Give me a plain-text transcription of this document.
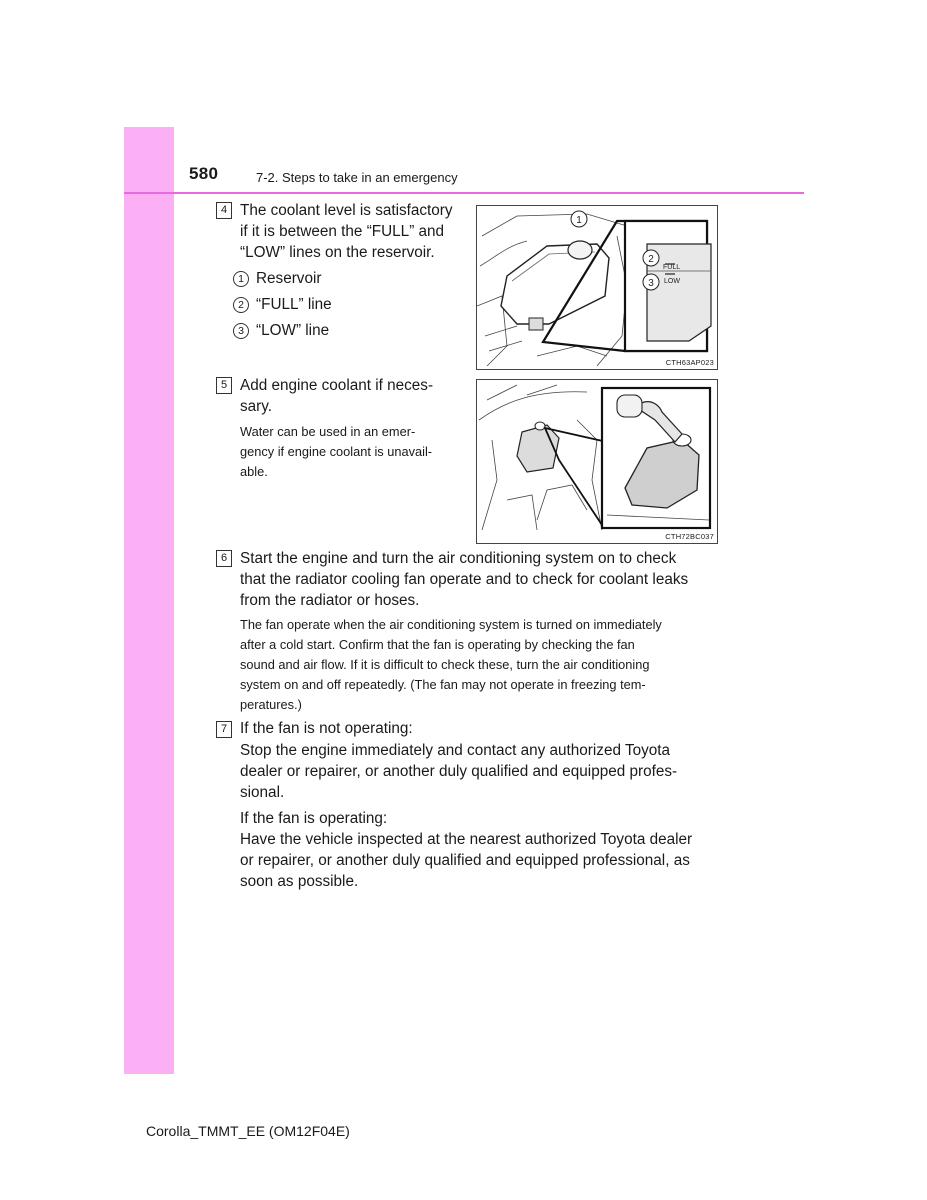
580	7-2. Steps to take in an emergency
4 The coolant level is satisfactory
if it is between the “FULL” and
“LOW” lines on the reservoir.
1 Reservoir
2 “FULL” line
3 “LOW” line
FULL
LOW
1
2
3
CTH63AP023
5 Add engine coolant if neces-
sary.
Water can be used in an emer-
gency if engine coolant is unavail-
able.
CTH72BC037
6 Start the engine and turn the air conditioning system on to check
that the radiator cooling fan operate and to check for coolant leaks
from the radiator or hoses.
The fan operate when the air conditioning system is turned on immediately
after a cold start. Confirm that the fan is operating by checking the fan
sound and air flow. If it is difficult to check these, turn the air conditioning
system on and off repeatedly. (The fan may not operate in freezing tem-
peratures.)
7 If the fan is not operating:
Stop the engine immediately and contact any authorized Toyota
dealer or repairer, or another duly qualified and equipped profes-
sional.
If the fan is operating:
Have the vehicle inspected at the nearest authorized Toyota dealer
or repairer, or another duly qualified and equipped professional, as
soon as possible.
Corolla_TMMT_EE (OM12F04E)
